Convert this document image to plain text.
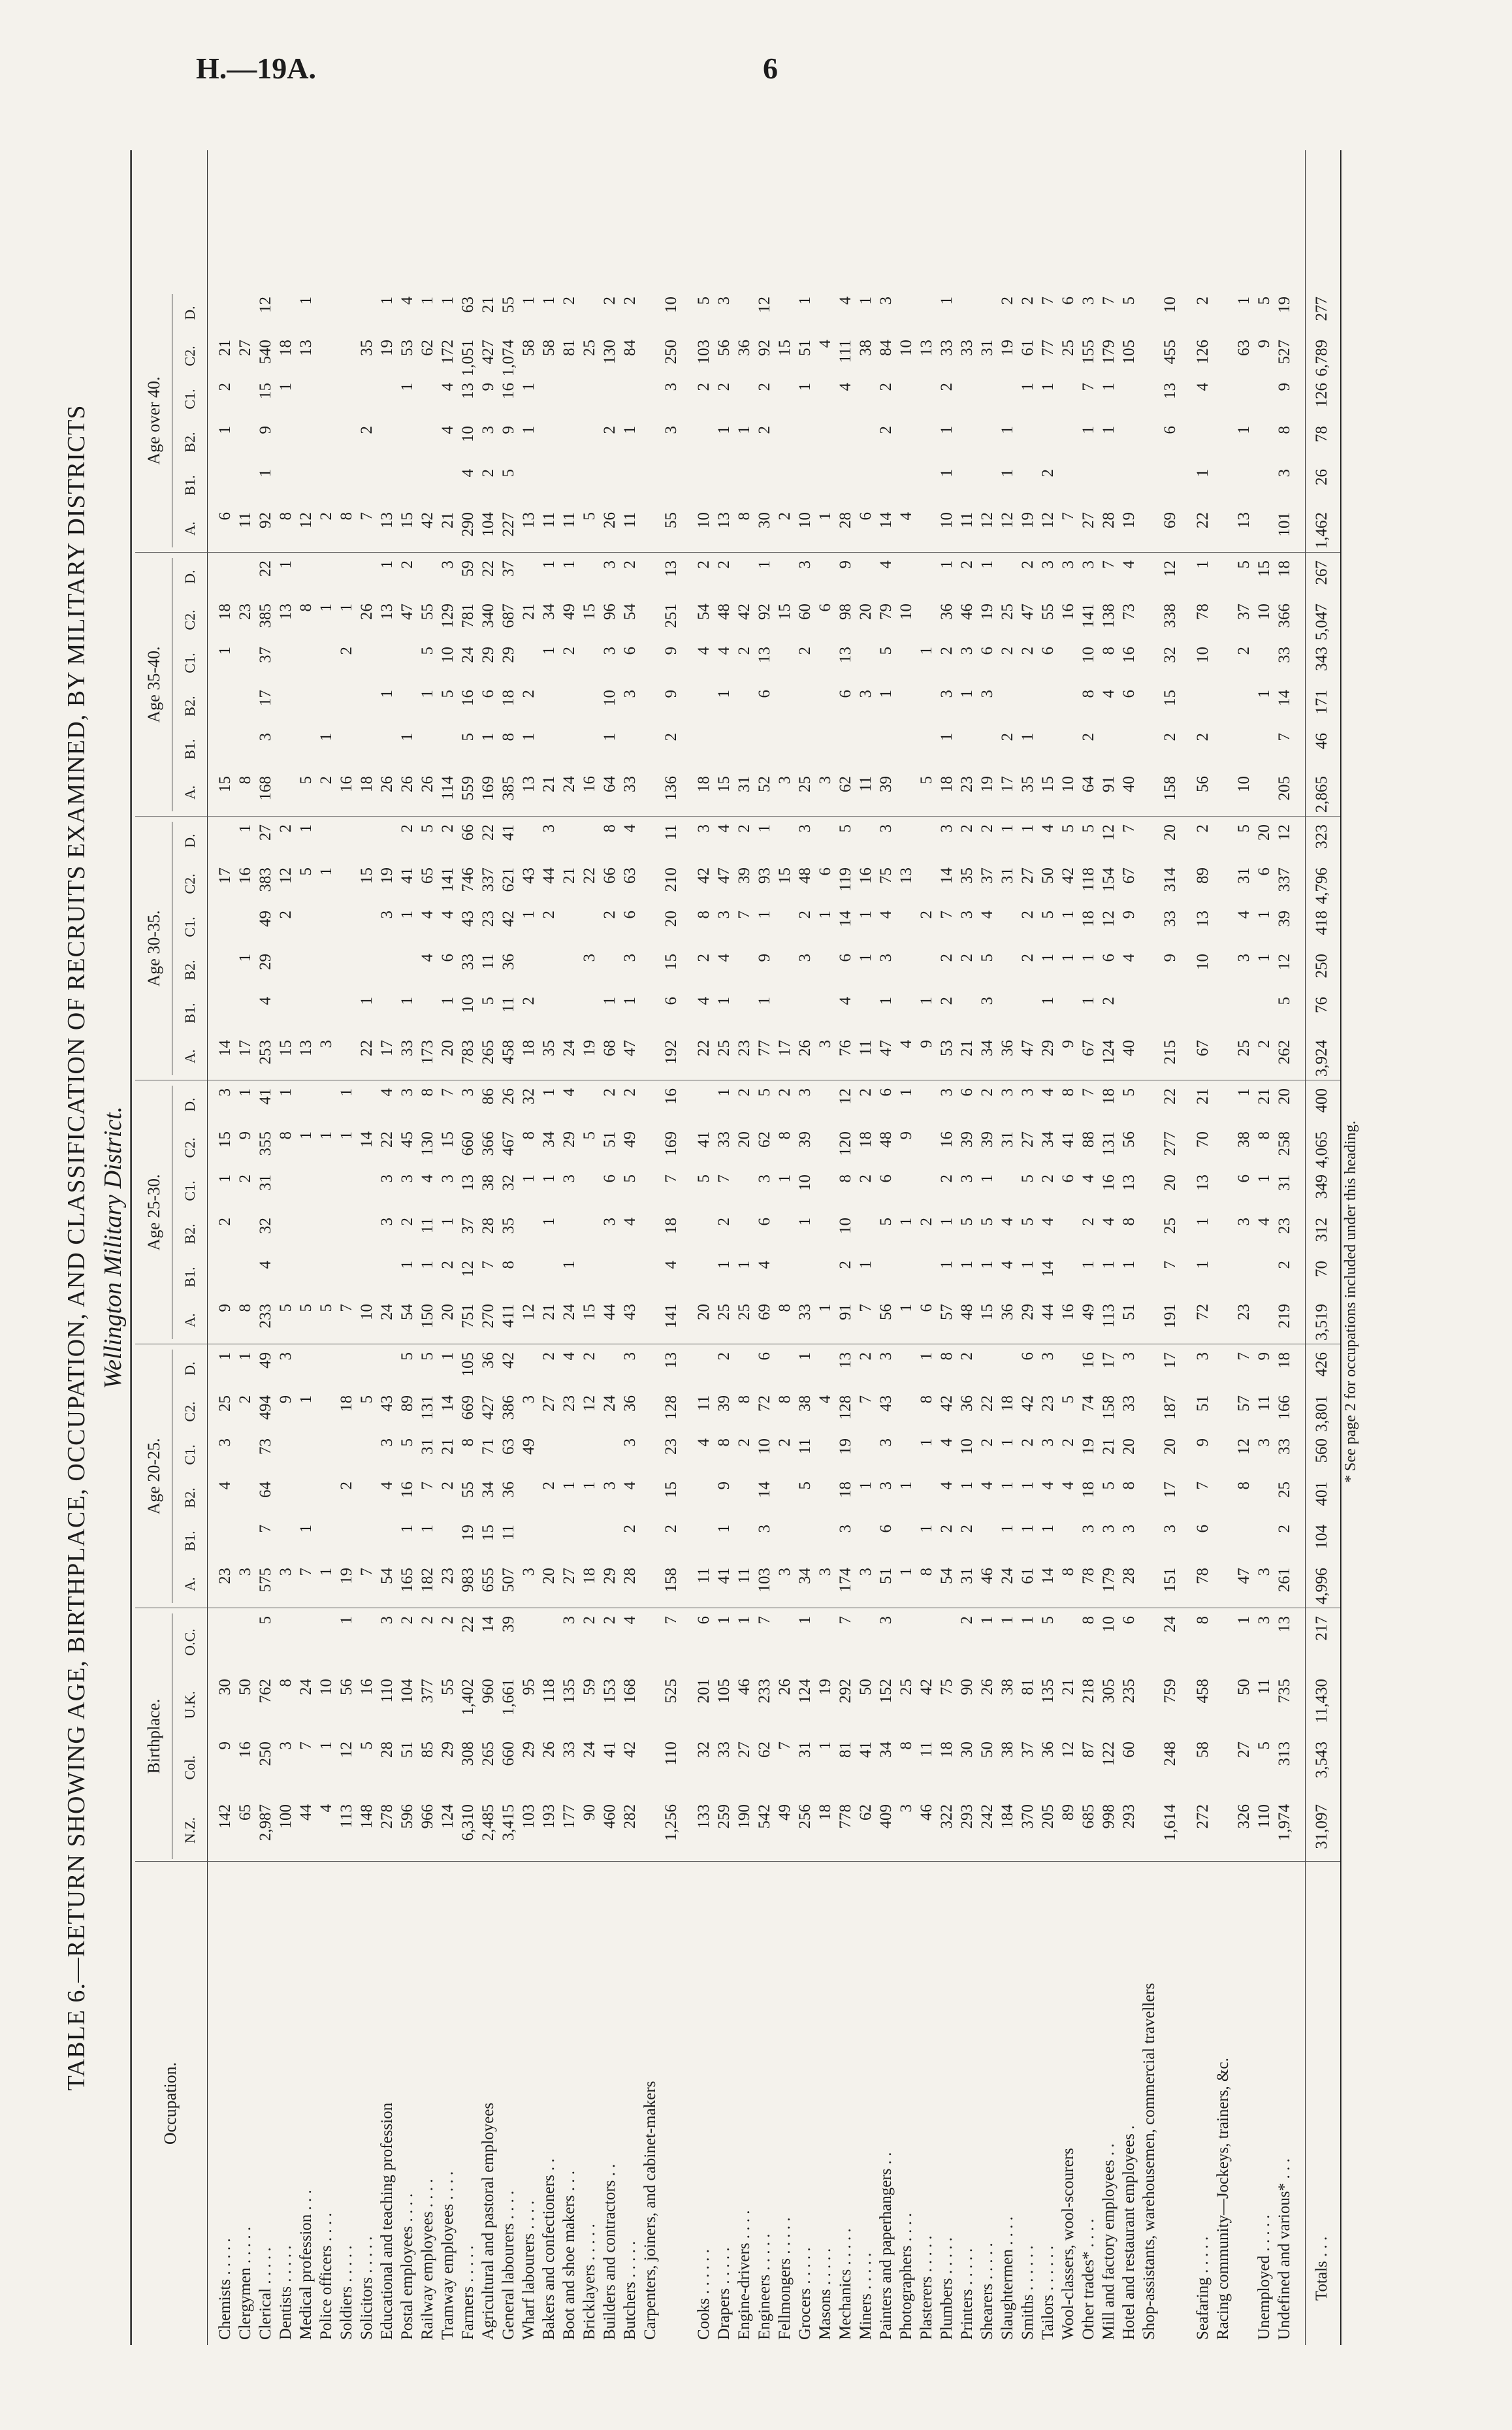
H.—19A.	6
TABLE 6.—RETURN SHOWING AGE, BIRTHPLACE, OCCUPATION, AND CLASSIFICATION OF RECRUITS EXAMINED, BY MILITARY DISTRICTS Wellington Military District.
Occupation.
Birthplace.
Age 20-25.
Age 25-30.
Age 30-35.
Age 35-40.
Age over 40.
N.Z.
Col.
U.K.
O.C.
A.
B1.
B2.
C1.
C2.
D.
A.
B1.
B2.
C1.
C2.
D.
A.
B1.
B2.
C1.
C2.
D.
A.
B1.
B2.
C1.
C2.
D.
A.
B1.
B2.
C1.
C2.
D.
Chemists . . . . .
142
9
30
23
4
3
25
1
9
2
1
15
3
14
17
15
1
18
6
1
2
21
Clergymen . . . . .
65
16
50
3
2
1
8
2
9
1
17
1
16
1
8
23
11
27
Clerical . . . . .
2,987
250
762
5
575
7
64
73
494
49
233
4
32
31
355
41
253
4
29
49
383
27
168
3
17
37
385
22
92
1
9
15
540
12
Dentists . . . . .
100
3
8
3
9
3
5
8
1
15
2
12
2
13
1
8
1
18
Medical profession . . .
44
7
24
7
1
1
5
1
13
5
1
5
8
12
13
1
Police officers . . . .
4
1
10
1
5
1
3
1
2
1
1
2
Soldiers . . . . .
113
12
56
1
19
2
18
7
1
1
16
2
1
8
Solicitors . . . . .
148
5
16
7
5
10
14
22
1
15
18
26
7
2
35
Educational and teaching profession
278
28
110
3
54
4
3
43
24
3
3
22
4
17
3
19
26
1
13
1
13
19
1
Postal employees . . . .
596
51
104
2
165
1
16
5
89
5
54
1
2
3
45
3
33
1
1
41
2
26
1
47
2
15
1
53
4
Railway employees . . . .
966
85
377
2
182
1
7
31
131
5
150
1
11
4
130
8
173
4
4
65
5
26
1
5
55
42
62
1
Tramway employees . . . .
124
29
55
2
23
2
21
14
1
20
2
1
3
15
7
20
1
6
4
141
2
114
5
10
129
3
21
4
4
172
1
Farmers . . . . .
6,310
308
1,402
22
983
19
55
8
669
105
751
12
37
13
660
3
783
10
33
43
746
66
559
5
16
24
781
59
290
4
10
13
1,051
63
Agricultural and pastoral employees
2,485
265
960
14
655
15
34
71
427
36
270
7
28
38
366
86
265
5
11
23
337
22
169
1
6
29
340
22
104
2
3
9
427
21
General labourers . . . .
3,415
660
1,661
39
507
11
36
63
386
42
411
8
35
32
467
26
458
11
36
42
621
41
385
8
18
29
687
37
227
5
9
16
1,074
55
Wharf labourers . . . .
103
29
95
3
49
3
12
1
8
32
18
2
1
43
13
1
2
21
13
1
1
58
1
Bakers and confectioners . .
193
26
118
20
2
27
2
21
1
1
34
1
35
2
44
3
21
1
34
1
11
58
1
Boot and shoe makers . . .
177
33
135
3
27
1
23
4
24
1
3
29
4
24
21
24
2
49
1
11
81
2
Bricklayers . . . . .
90
24
59
2
18
1
12
2
15
5
19
3
22
16
15
5
25
Builders and contractors . .
460
41
153
2
29
3
24
44
3
6
51
2
68
1
2
66
8
64
1
10
3
96
3
26
2
130
2
Butchers . . . . .
282
42
168
4
28
2
4
3
36
3
43
4
5
49
2
47
1
3
6
63
4
33
3
6
54
2
11
1
84
2
Carpenters, joiners, and cabinet-makers
1,256
110
525
7
158
2
15
23
128
13
141
4
18
7
169
16
192
6
15
20
210
11
136
2
9
9
251
13
55
3
3
250
10
Cooks . . . . . .
133
32
201
6
11
4
11
20
5
41
22
4
2
8
42
3
18
4
54
2
10
2
103
5
Drapers . . . . .
259
33
105
1
41
1
9
8
39
2
25
1
2
7
33
1
25
1
4
3
47
4
15
1
4
48
2
13
1
2
56
3
Engine-drivers . . . .
190
27
46
1
11
2
8
25
1
20
2
23
7
39
2
31
2
42
8
1
36
Engineers . . . . .
542
62
233
7
103
3
14
10
72
6
69
4
6
3
62
5
77
1
9
1
93
1
52
6
13
92
1
30
2
2
92
12
Fellmongers . . . . .
49
7
26
3
2
8
8
1
8
2
17
15
3
15
2
15
Grocers . . . . .
256
31
124
1
34
5
11
38
1
33
1
10
39
3
26
3
2
48
3
25
2
60
3
10
1
51
1
Masons . . . . .
18
1
19
3
4
1
3
1
6
3
6
1
4
Mechanics . . . . .
778
81
292
7
174
3
18
19
128
13
91
2
10
8
120
12
76
4
6
14
119
5
62
6
13
98
9
28
4
111
4
Miners . . . . .
62
41
50
3
1
7
2
7
1
2
18
2
11
1
1
16
11
3
20
6
38
1
Painters and paperhangers . .
409
34
152
3
51
6
3
3
43
3
56
5
6
48
6
47
1
3
4
75
3
39
1
5
79
4
14
2
2
84
3
Photographers . . . .
3
8
25
1
1
1
1
9
1
4
13
10
4
10
Plasterers . . . . .
46
11
42
8
1
1
8
1
6
2
9
1
2
5
1
13
Plumbers . . . . .
322
18
75
54
2
4
4
42
8
57
1
1
2
16
3
53
2
2
7
14
3
18
1
3
2
36
1
10
1
1
2
33
1
Printers . . . . .
293
30
90
2
31
2
1
10
36
2
48
1
5
3
39
6
21
2
3
35
2
23
1
3
46
2
11
33
Shearers . . . . .
242
50
26
1
46
4
2
22
15
1
5
1
39
2
34
3
5
4
37
2
19
3
6
19
1
12
31
Slaughtermen . . . .
184
38
38
1
24
1
1
1
18
36
4
4
31
3
36
31
1
17
2
2
25
12
1
1
19
2
Smiths . . . . . .
370
37
81
1
61
1
1
2
42
6
29
1
5
5
27
3
47
2
2
27
1
35
1
2
47
2
19
1
61
2
Tailors . . . . . .
205
36
135
5
14
1
4
3
23
3
44
14
4
2
34
4
29
1
1
5
50
4
15
6
55
3
12
2
1
77
7
Wool-classers, wool-scourers
89
12
21
8
4
2
5
16
6
41
8
9
1
1
42
5
10
16
3
7
25
6
Other trades* . . . .
685
87
218
8
78
3
18
19
74
16
49
1
2
4
88
7
67
1
1
18
118
5
64
2
8
10
141
3
27
1
7
155
3
Mill and factory employees . .
998
122
305
10
179
3
5
21
158
17
113
1
4
16
131
18
124
2
6
12
154
12
91
4
8
138
7
28
1
1
179
7
Hotel and restaurant employees .
293
60
235
6
28
3
8
20
33
3
51
1
8
13
56
5
40
4
9
67
7
40
6
16
73
4
19
105
5
Shop-assistants, warehousemen, commercial travellers
1,614
248
759
24
151
3
17
20
187
17
191
7
25
20
277
22
215
9
33
314
20
158
2
15
32
338
12
69
6
13
455
10
Seafaring . . . . .
272
58
458
8
78
6
7
9
51
3
72
1
1
13
70
21
67
10
13
89
2
56
2
10
78
1
22
1
4
126
2
Racing community—Jockeys, trainers, &c.
326
27
50
1
47
8
12
57
7
23
3
6
38
1
25
3
4
31
5
10
2
37
5
13
1
63
1
Unemployed . . . . .
110
5
11
3
3
3
11
9
4
1
8
21
2
1
1
6
20
1
10
15
9
5
Undefined and various* . . .
1,974
313
735
13
261
2
25
33
166
18
219
2
23
31
258
20
262
5
12
39
337
12
205
7
14
33
366
18
101
3
8
9
527
19
Totals . . .
31,097
3,543
11,430
217
4,996
104
401
560
3,801
426
3,519
70
312
349
4,065
400
3,924
76
250
418
4,796
323
2,865
46
171
343
5,047
267
1,462
26
78
126
6,789
277
* See page 2 for occupations included under this heading.
